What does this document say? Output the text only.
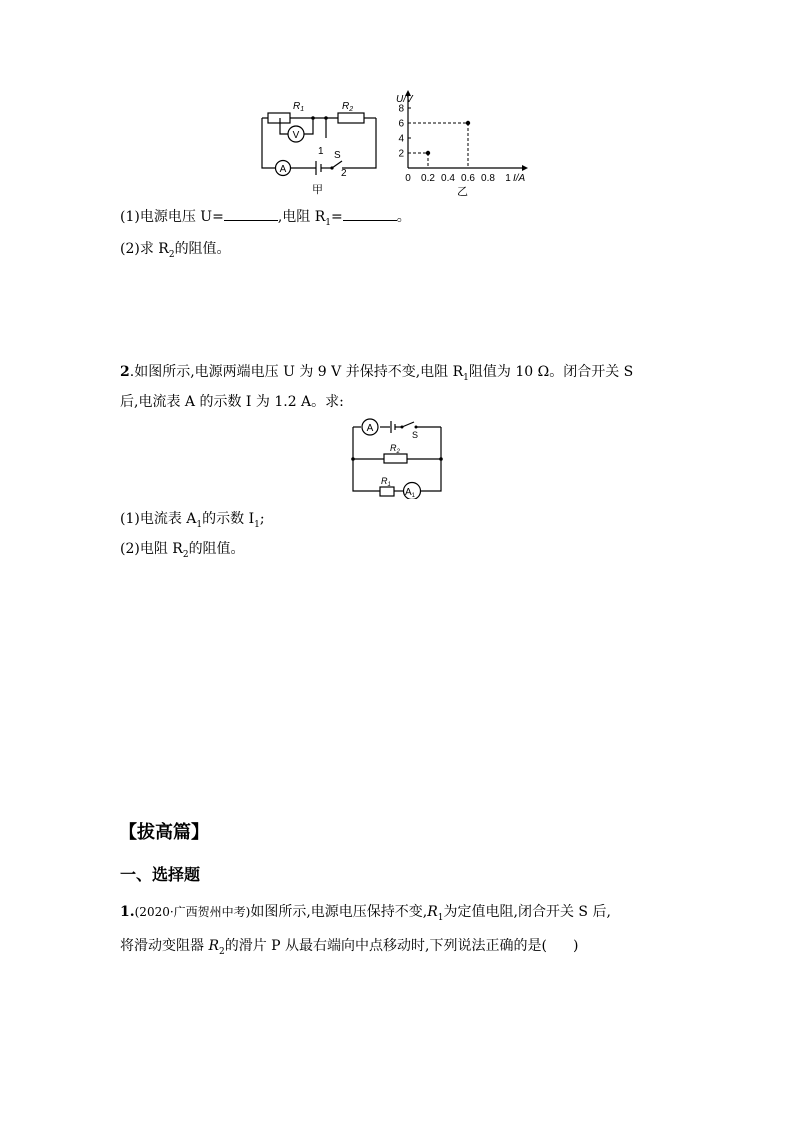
V
A
$R_1$	$R_2$
1 S
2
甲
0 0.2 0.4 0.6 0.8 1
2
4
6
8
U/V
I/A
乙
(1)电源电压 U=	,电阻 $R_1=$	。
(2)求 $R_2$的阻值。
2.如图所示,电源两端电压 U 为 9 V 并保持不变,电阻 $R_1$阻值为 10 Ω。闭合开关 S
后,电流表 A 的示数 I 为 1.2 A。求:
A
S
$R_2$
$R_1$
$A_1$
(1)电流表 $A_1$的示数 $I_1$;
(2)电阻 $R_2$的阻值。
【拔高篇】
一、选择题
1.(2020·广西贺州中考)如图所示,电源电压保持不变$,R_1$为定值电阻,闭合开关 S 后,
将滑动变阻器 $R_2$的滑片 P 从最右端向中点移动时,下列说法正确的是( )
